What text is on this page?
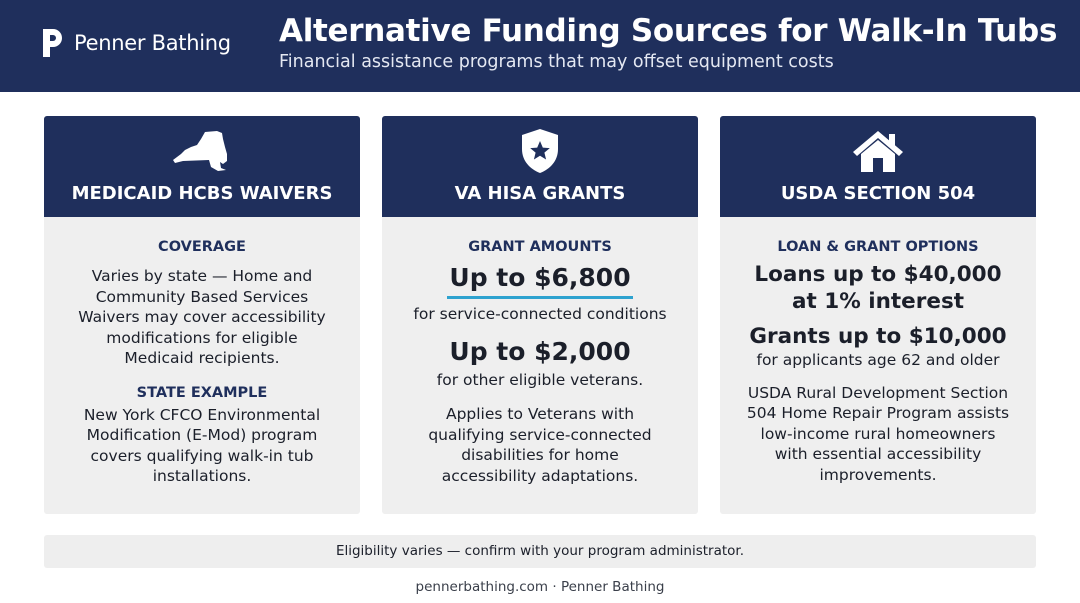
Penner Bathing Alternative Funding Sources for Walk-In Tubs
Financial assistance programs that may offset equipment costs
MEDICAID HCBS WAIVERS
COVERAGE
Varies by state — Home and Community Based Services Waivers may cover accessibility modifications for eligible Medicaid recipients.
STATE EXAMPLE
New York CFCO Environmental Modification (E-Mod) program covers qualifying walk-in tub installations.
VA HISA GRANTS
GRANT AMOUNTS
Up to $6,800
for service-connected conditions
Up to $2,000
for other eligible veterans.
Applies to Veterans with qualifying service-connected disabilities for home accessibility adaptations.
USDA SECTION 504
LOAN & GRANT OPTIONS
Loans up to $40,000 at 1% interest
Grants up to $10,000
for applicants age 62 and older
USDA Rural Development Section 504 Home Repair Program assists low-income rural homeowners with essential accessibility improvements.
Eligibility varies — confirm with your program administrator.
pennerbathing.com · Penner Bathing
